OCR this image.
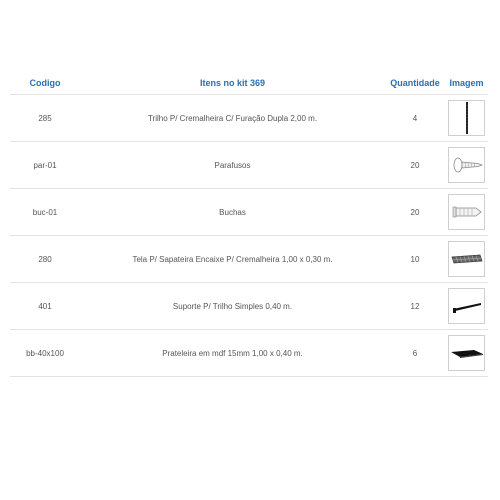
Codigo	Itens no kit 369	Quantidade	Imagem
285	Trilho P/ Cremalheira C/ Furação Dupla 2,00 m.	4
par-01	Parafusos	20
buc-01	Buchas	20
280	Tela P/ Sapateira Encaixe P/ Cremalheira 1,00 x 0,30 m.	10
401	Suporte P/ Trilho Simples 0,40 m.	12
bb-40x100	Prateleira em mdf 15mm 1,00 x 0,40 m.	6
